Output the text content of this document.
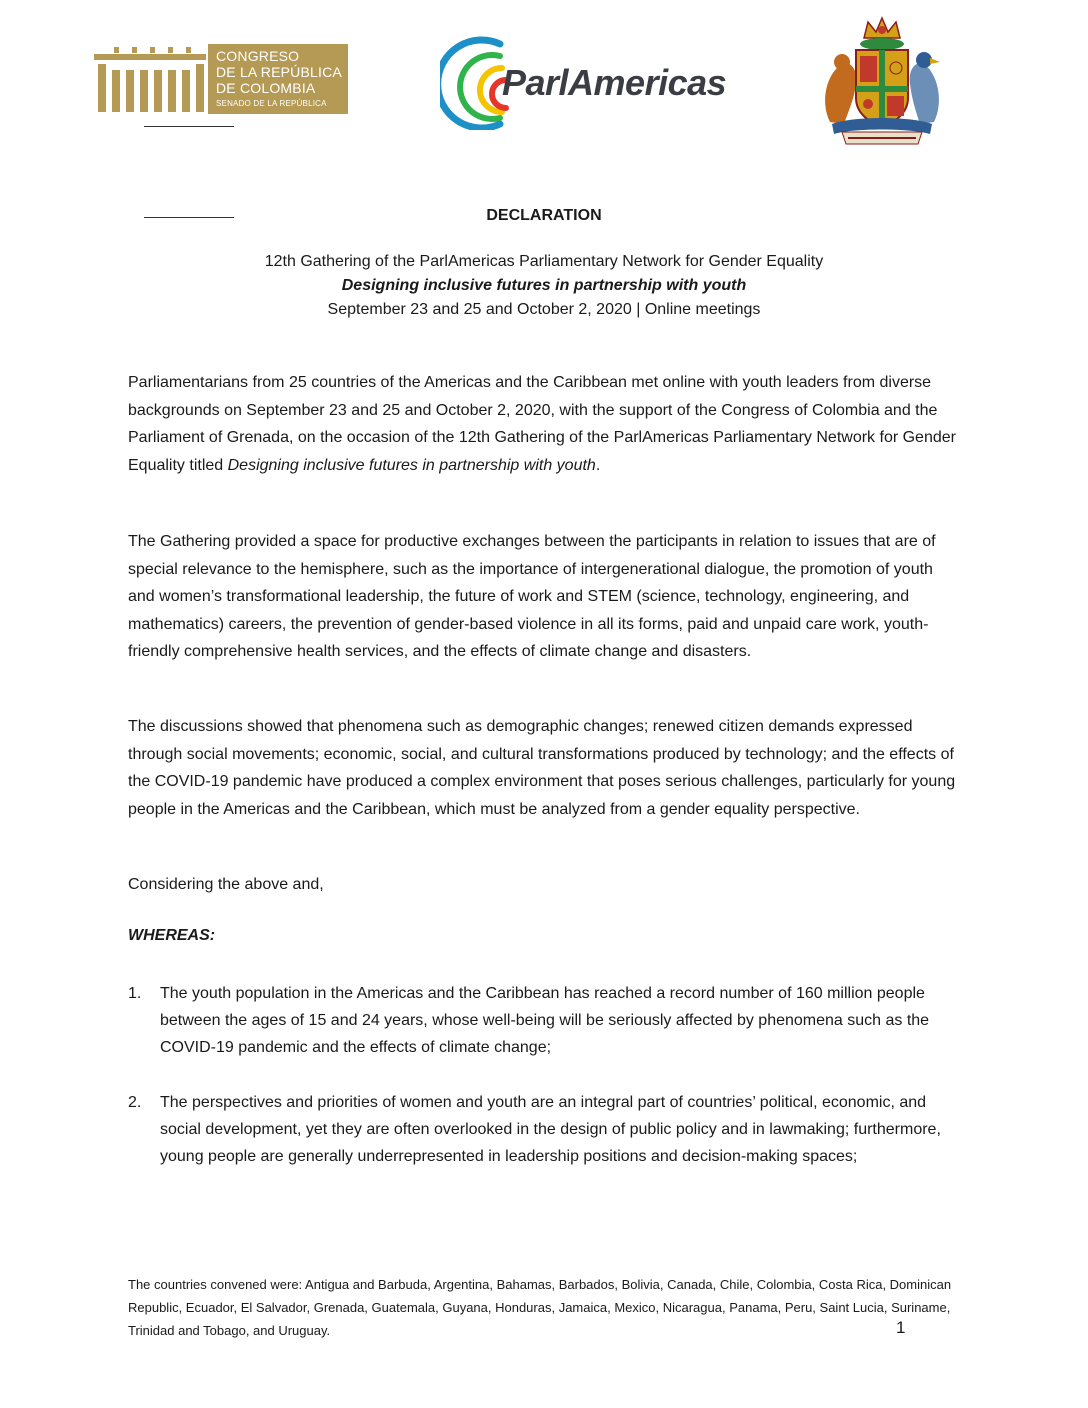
CONGRESO
DE LA REPÚBLICA
DE COLOMBIA
SENADO DE LA REPÚBLICA
ParlAmericas
DECLARATION
12th Gathering of the ParlAmericas Parliamentary Network for Gender Equality
Designing inclusive futures in partnership with youth
September 23 and 25 and October 2, 2020 | Online meetings
Parliamentarians from 25 countries of the Americas and the Caribbean met online with youth leaders from diverse backgrounds on September 23 and 25 and October 2, 2020, with the support of the Congress of Colombia and the Parliament of Grenada, on the occasion of the 12th Gathering of the ParlAmericas Parliamentary Network for Gender Equality titled Designing inclusive futures in partnership with youth.
The Gathering provided a space for productive exchanges between the participants in relation to issues that are of special relevance to the hemisphere, such as the importance of intergenerational dialogue, the promotion of youth and women’s transformational leadership, the future of work and STEM (science, technology, engineering, and mathematics) careers, the prevention of gender-based violence in all its forms, paid and unpaid care work, youth-friendly comprehensive health services, and the effects of climate change and disasters.
The discussions showed that phenomena such as demographic changes; renewed citizen demands expressed through social movements; economic, social, and cultural transformations produced by technology; and the effects of the COVID-19 pandemic have produced a complex environment that poses serious challenges, particularly for young people in the Americas and the Caribbean, which must be analyzed from a gender equality perspective.
Considering the above and,
WHEREAS:
1.	The youth population in the Americas and the Caribbean has reached a record number of 160 million people between the ages of 15 and 24 years, whose well-being will be seriously affected by phenomena such as the COVID-19 pandemic and the effects of climate change;
2.	The perspectives and priorities of women and youth are an integral part of countries’ political, economic, and social development, yet they are often overlooked in the design of public policy and in lawmaking; furthermore, young people are generally underrepresented in leadership positions and decision-making spaces;
The countries convened were: Antigua and Barbuda, Argentina, Bahamas, Barbados, Bolivia, Canada, Chile, Colombia, Costa Rica, Dominican Republic, Ecuador, El Salvador, Grenada, Guatemala, Guyana, Honduras, Jamaica, Mexico, Nicaragua, Panama, Peru, Saint Lucia, Suriname, Trinidad and Tobago, and Uruguay.	1
